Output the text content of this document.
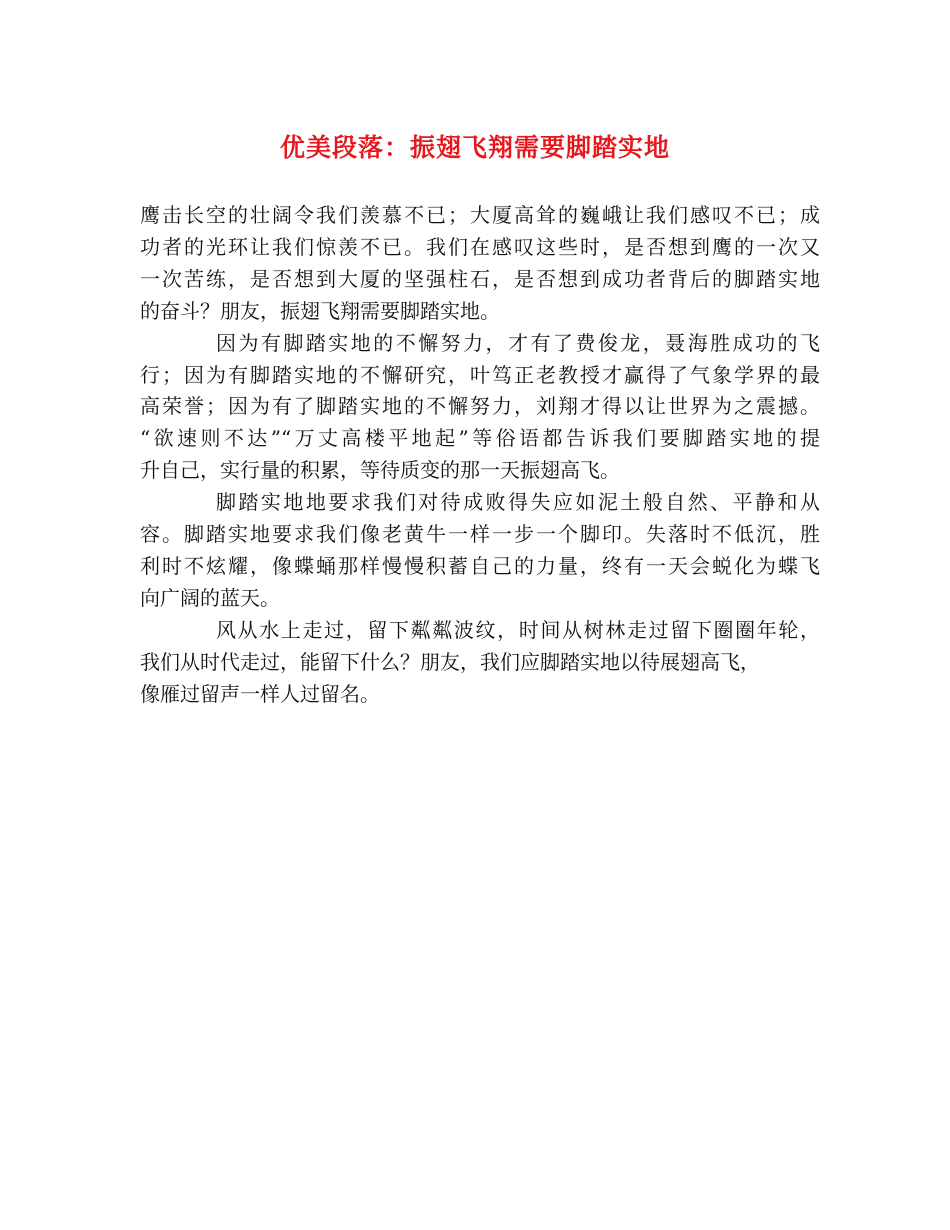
优美段落：振翅飞翔需要脚踏实地
鹰击长空的壮阔令我们羡慕不已；大厦高耸的巍峨让我们感叹不已；成
功者的光环让我们惊羡不已。我们在感叹这些时，是否想到鹰的一次又
一次苦练，是否想到大厦的坚强柱石，是否想到成功者背后的脚踏实地
的奋斗？朋友，振翅飞翔需要脚踏实地。
因为有脚踏实地的不懈努力，才有了费俊龙，聂海胜成功的飞
行；因为有脚踏实地的不懈研究，叶笃正老教授才赢得了气象学界的最
高荣誉；因为有了脚踏实地的不懈努力，刘翔才得以让世界为之震撼。
“欲速则不达”“万丈高楼平地起”等俗语都告诉我们要脚踏实地的提
升自己，实行量的积累，等待质变的那一天振翅高飞。
脚踏实地地要求我们对待成败得失应如泥土般自然、平静和从
容。脚踏实地要求我们像老黄牛一样一步一个脚印。失落时不低沉，胜
利时不炫耀，像蝶蛹那样慢慢积蓄自己的力量，终有一天会蜕化为蝶飞
向广阔的蓝天。
风从水上走过，留下粼粼波纹，时间从树林走过留下圈圈年轮，
我们从时代走过，能留下什么？朋友，我们应脚踏实地以待展翅高飞，
像雁过留声一样人过留名。
